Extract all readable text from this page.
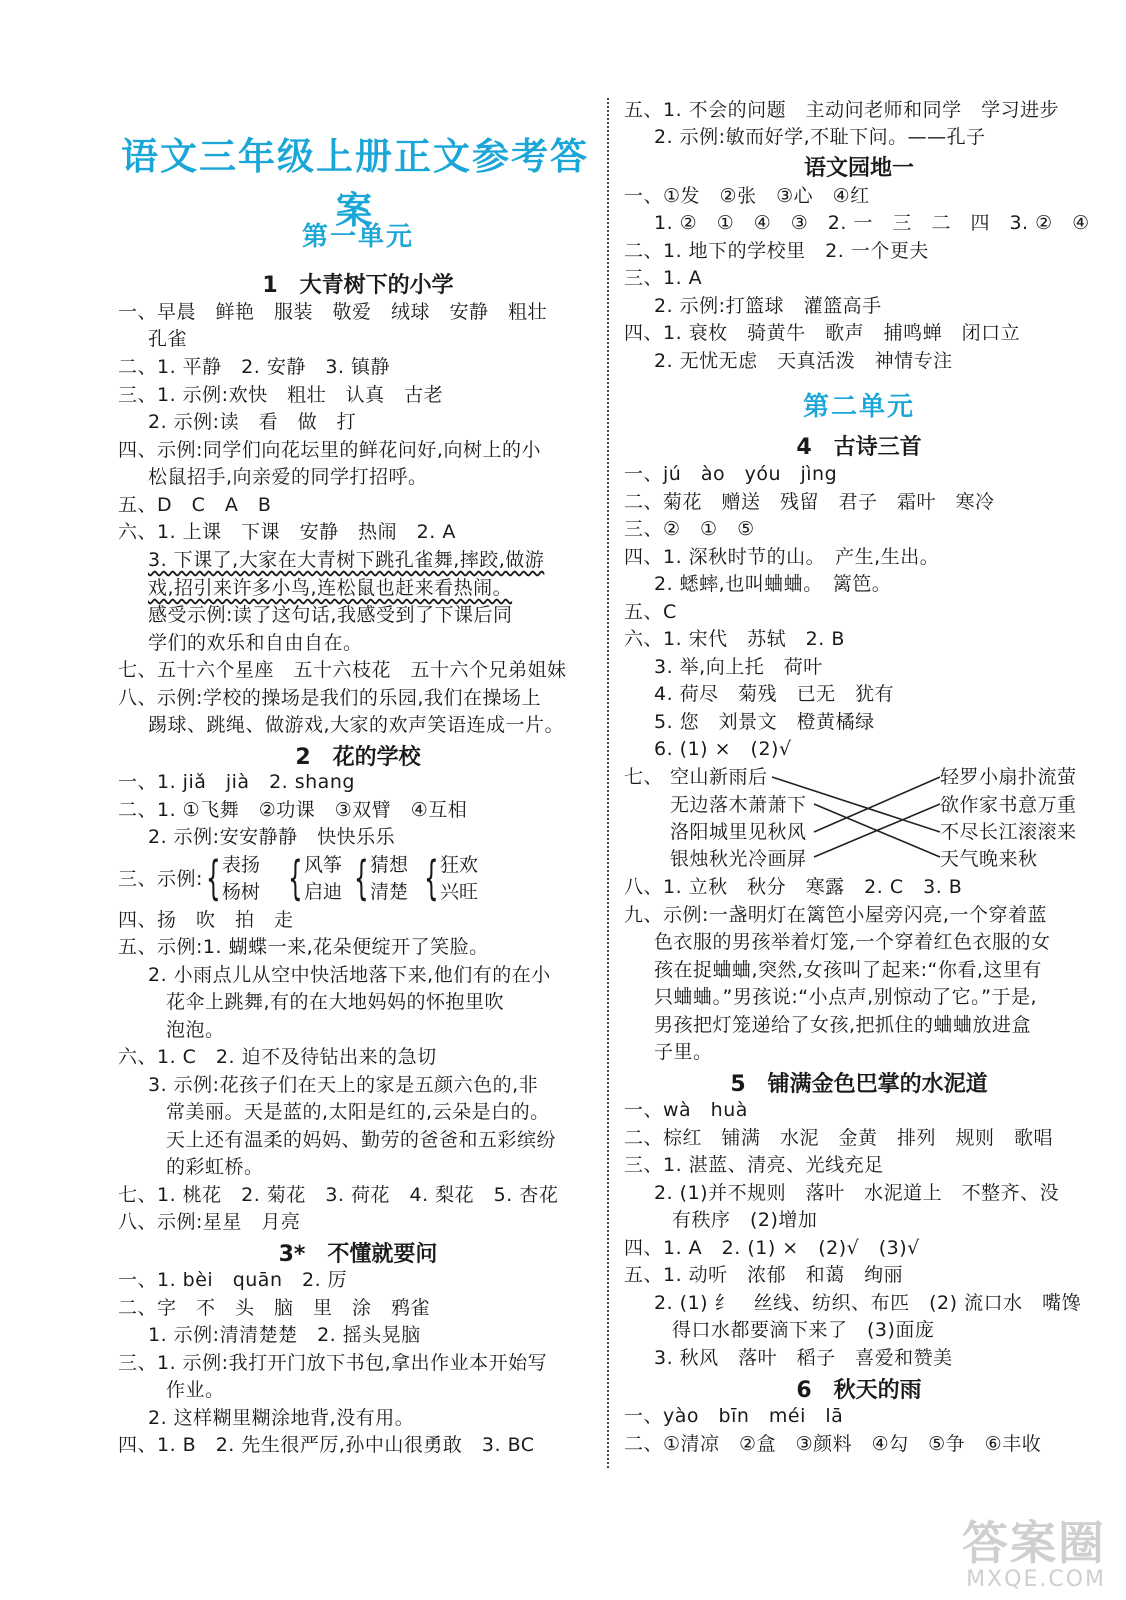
语文三年级上册正文参考答案
第一单元
1　大青树下的小学
一、早晨　鲜艳　服装　敬爱　绒球　安静　粗壮
孔雀
二、1. 平静　2. 安静　3. 镇静
三、1. 示例:欢快　粗壮　认真　古老
2. 示例:读　看　做　打
四、示例:同学们向花坛里的鲜花问好,向树上的小
松鼠招手,向亲爱的同学打招呼。
五、D　C　A　B
六、1. 上课　下课　安静　热闹　2. A
3. 下课了,大家在大青树下跳孔雀舞,摔跤,做游
戏,招引来许多小鸟,连松鼠也赶来看热闹。
感受示例:读了这句话,我感受到了下课后同
学们的欢乐和自由自在。
七、五十六个星座　五十六枝花　五十六个兄弟姐妹
八、示例:学校的操场是我们的乐园,我们在操场上
踢球、跳绳、做游戏,大家的欢声笑语连成一片。
2　花的学校
一、1. jiǎ　jià　2. shang
二、1. ①飞舞　②功课　③双臂　④互相
2. 示例:安安静静　快快乐乐
三、示例: { 表扬
杨树 { 风筝
启迪 { 猜想
清楚 { 狂欢
兴旺
四、扬　吹　拍　走
五、示例:1. 蝴蝶一来,花朵便绽开了笑脸。
2. 小雨点儿从空中快活地落下来,他们有的在小
花伞上跳舞,有的在大地妈妈的怀抱里吹
泡泡。
六、1. C　2. 迫不及待钻出来的急切
3. 示例:花孩子们在天上的家是五颜六色的,非
常美丽。天是蓝的,太阳是红的,云朵是白的。
天上还有温柔的妈妈、勤劳的爸爸和五彩缤纷
的彩虹桥。
七、1. 桃花　2. 菊花　3. 荷花　4. 梨花　5. 杏花
八、示例:星星　月亮
3*　不懂就要问
一、1. bèi　quān　2. 厉
二、字　不　头　脑　里　涂　鸦雀
1. 示例:清清楚楚　2. 摇头晃脑
三、1. 示例:我打开门放下书包,拿出作业本开始写
作业。
2. 这样糊里糊涂地背,没有用。
四、1. B　2. 先生很严厉,孙中山很勇敢　3. BC
五、1. 不会的问题　主动问老师和同学　学习进步
2. 示例:敏而好学,不耻下问。——孔子
语文园地一
一、①发　②张　③心　④红
1. ②　①　④　③　2. 一　三　二　四　3. ②　④
二、1. 地下的学校里　2. 一个更夫
三、1. A
2. 示例:打篮球　灌篮高手
四、1. 衰枚　骑黄牛　歌声　捕鸣蝉　闭口立
2. 无忧无虑　天真活泼　神情专注
第二单元
4　古诗三首
一、jú　ào　yóu　jìng
二、菊花　赠送　残留　君子　霜叶　寒冷
三、②　①　⑤
四、1. 深秋时节的山。　产生,生出。
2. 蟋蟀,也叫蛐蛐。　篱笆。
五、C
六、1. 宋代　苏轼　2. B
3. 举,向上托　荷叶
4. 荷尽　菊残　已无　犹有
5. 您　刘景文　橙黄橘绿
6. (1) ×　(2)√
七、 空山新雨后
无边落木萧萧下
洛阳城里见秋风
银烛秋光冷画屏
轻罗小扇扑流萤
欲作家书意万重
不尽长江滚滚来
天气晚来秋
八、1. 立秋　秋分　寒露　2. C　3. B
九、示例:一盏明灯在篱笆小屋旁闪亮,一个穿着蓝
色衣服的男孩举着灯笼,一个穿着红色衣服的女
孩在捉蛐蛐,突然,女孩叫了起来:“你看,这里有
只蛐蛐。”男孩说:“小点声,别惊动了它。”于是,
男孩把灯笼递给了女孩,把抓住的蛐蛐放进盒
子里。
5　铺满金色巴掌的水泥道
一、wà　huà
二、棕红　铺满　水泥　金黄　排列　规则　歌唱
三、1. 湛蓝、清亮、光线充足
2. (1)并不规则　落叶　水泥道上　不整齐、没
有秩序　(2)增加
四、1. A　2. (1) ×　(2)√　(3)√
五、1. 动听　浓郁　和蔼　绚丽
2. (1) 纟　丝线、纺织、布匹　(2) 流口水　嘴馋
得口水都要滴下来了　(3)面庞
3. 秋风　落叶　稻子　喜爱和赞美
6　秋天的雨
一、yào　bīn　méi　lā
二、①清凉　②盒　③颜料　④勾　⑤争　⑥丰收
答案圈
MXQE.COM
